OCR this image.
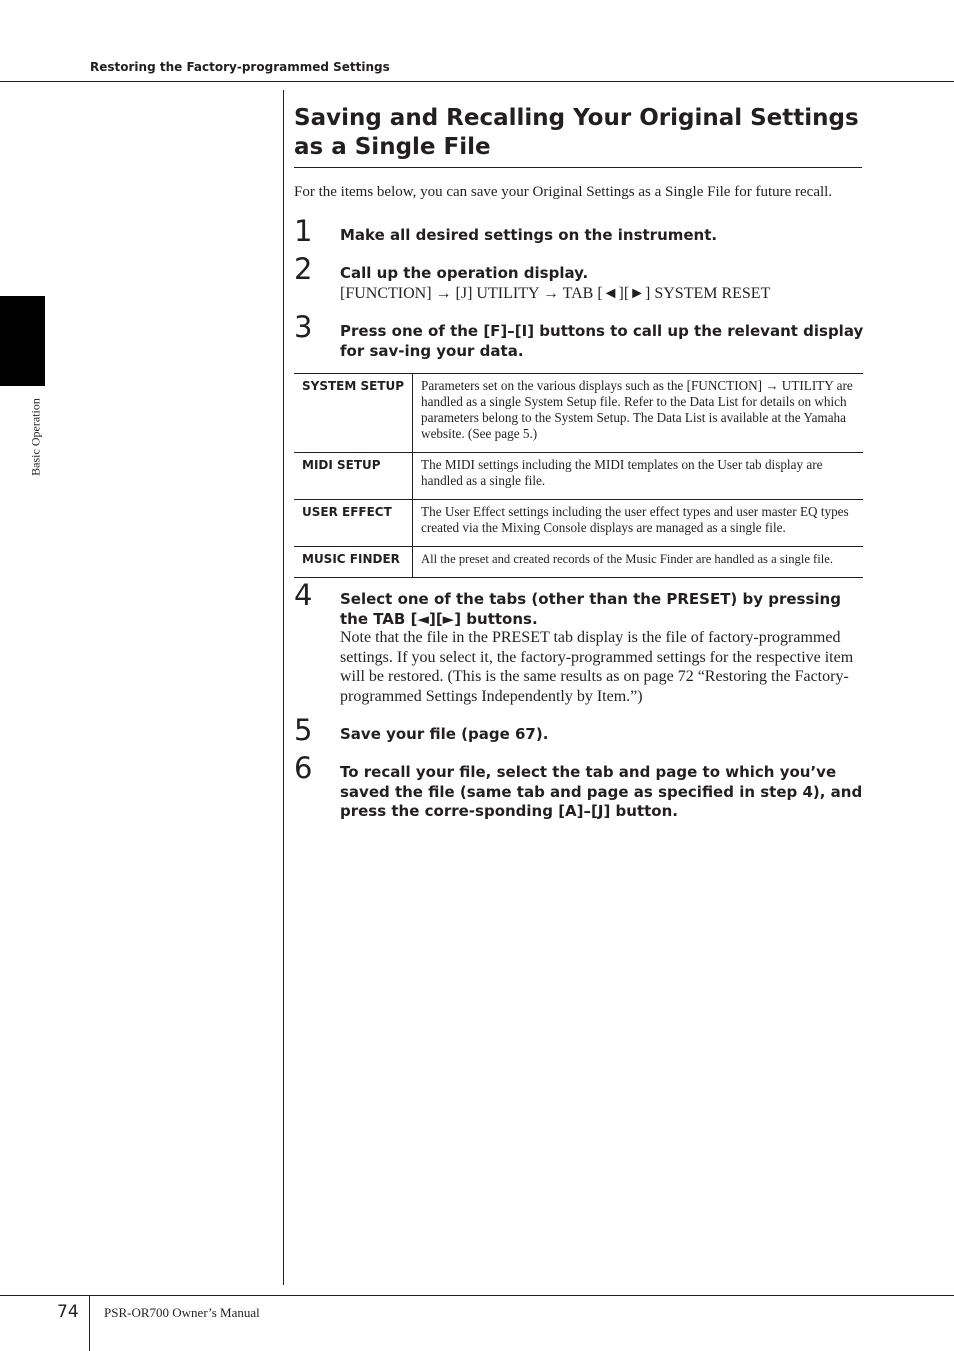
Restoring the Factory-programmed Settings
Basic Operation
Saving and Recalling Your Original Settings as a Single File
For the items below, you can save your Original Settings as a Single File for future recall.
1 Make all desired settings on the instrument.
2 Call up the operation display.
[FUNCTION] → [J] UTILITY → TAB [◄][►] SYSTEM RESET
3 Press one of the [F]–[I] buttons to call up the relevant display for sav-ing your data.
SYSTEM SETUP	Parameters set on the various displays such as the [FUNCTION] → UTILITY are handled as a single System Setup file. Refer to the Data List for details on which parameters belong to the System Setup. The Data List is available at the Yamaha website. (See page 5.)
MIDI SETUP	The MIDI settings including the MIDI templates on the User tab display are handled as a single file.
USER EFFECT	The User Effect settings including the user effect types and user master EQ types created via the Mixing Console displays are managed as a single file.
MUSIC FINDER	All the preset and created records of the Music Finder are handled as a single file.
4 Select one of the tabs (other than the PRESET) by pressing the TAB [◄][►] buttons.
Note that the file in the PRESET tab display is the file of factory-programmed settings. If you select it, the factory-programmed settings for the respective item will be restored. (This is the same results as on page 72 “Restoring the Factory-programmed Settings Independently by Item.”)
5 Save your file (page 67).
6 To recall your file, select the tab and page to which you’ve saved the file (same tab and page as specified in step 4), and press the corre-sponding [A]–[J] button.
74 PSR-OR700 Owner’s Manual
